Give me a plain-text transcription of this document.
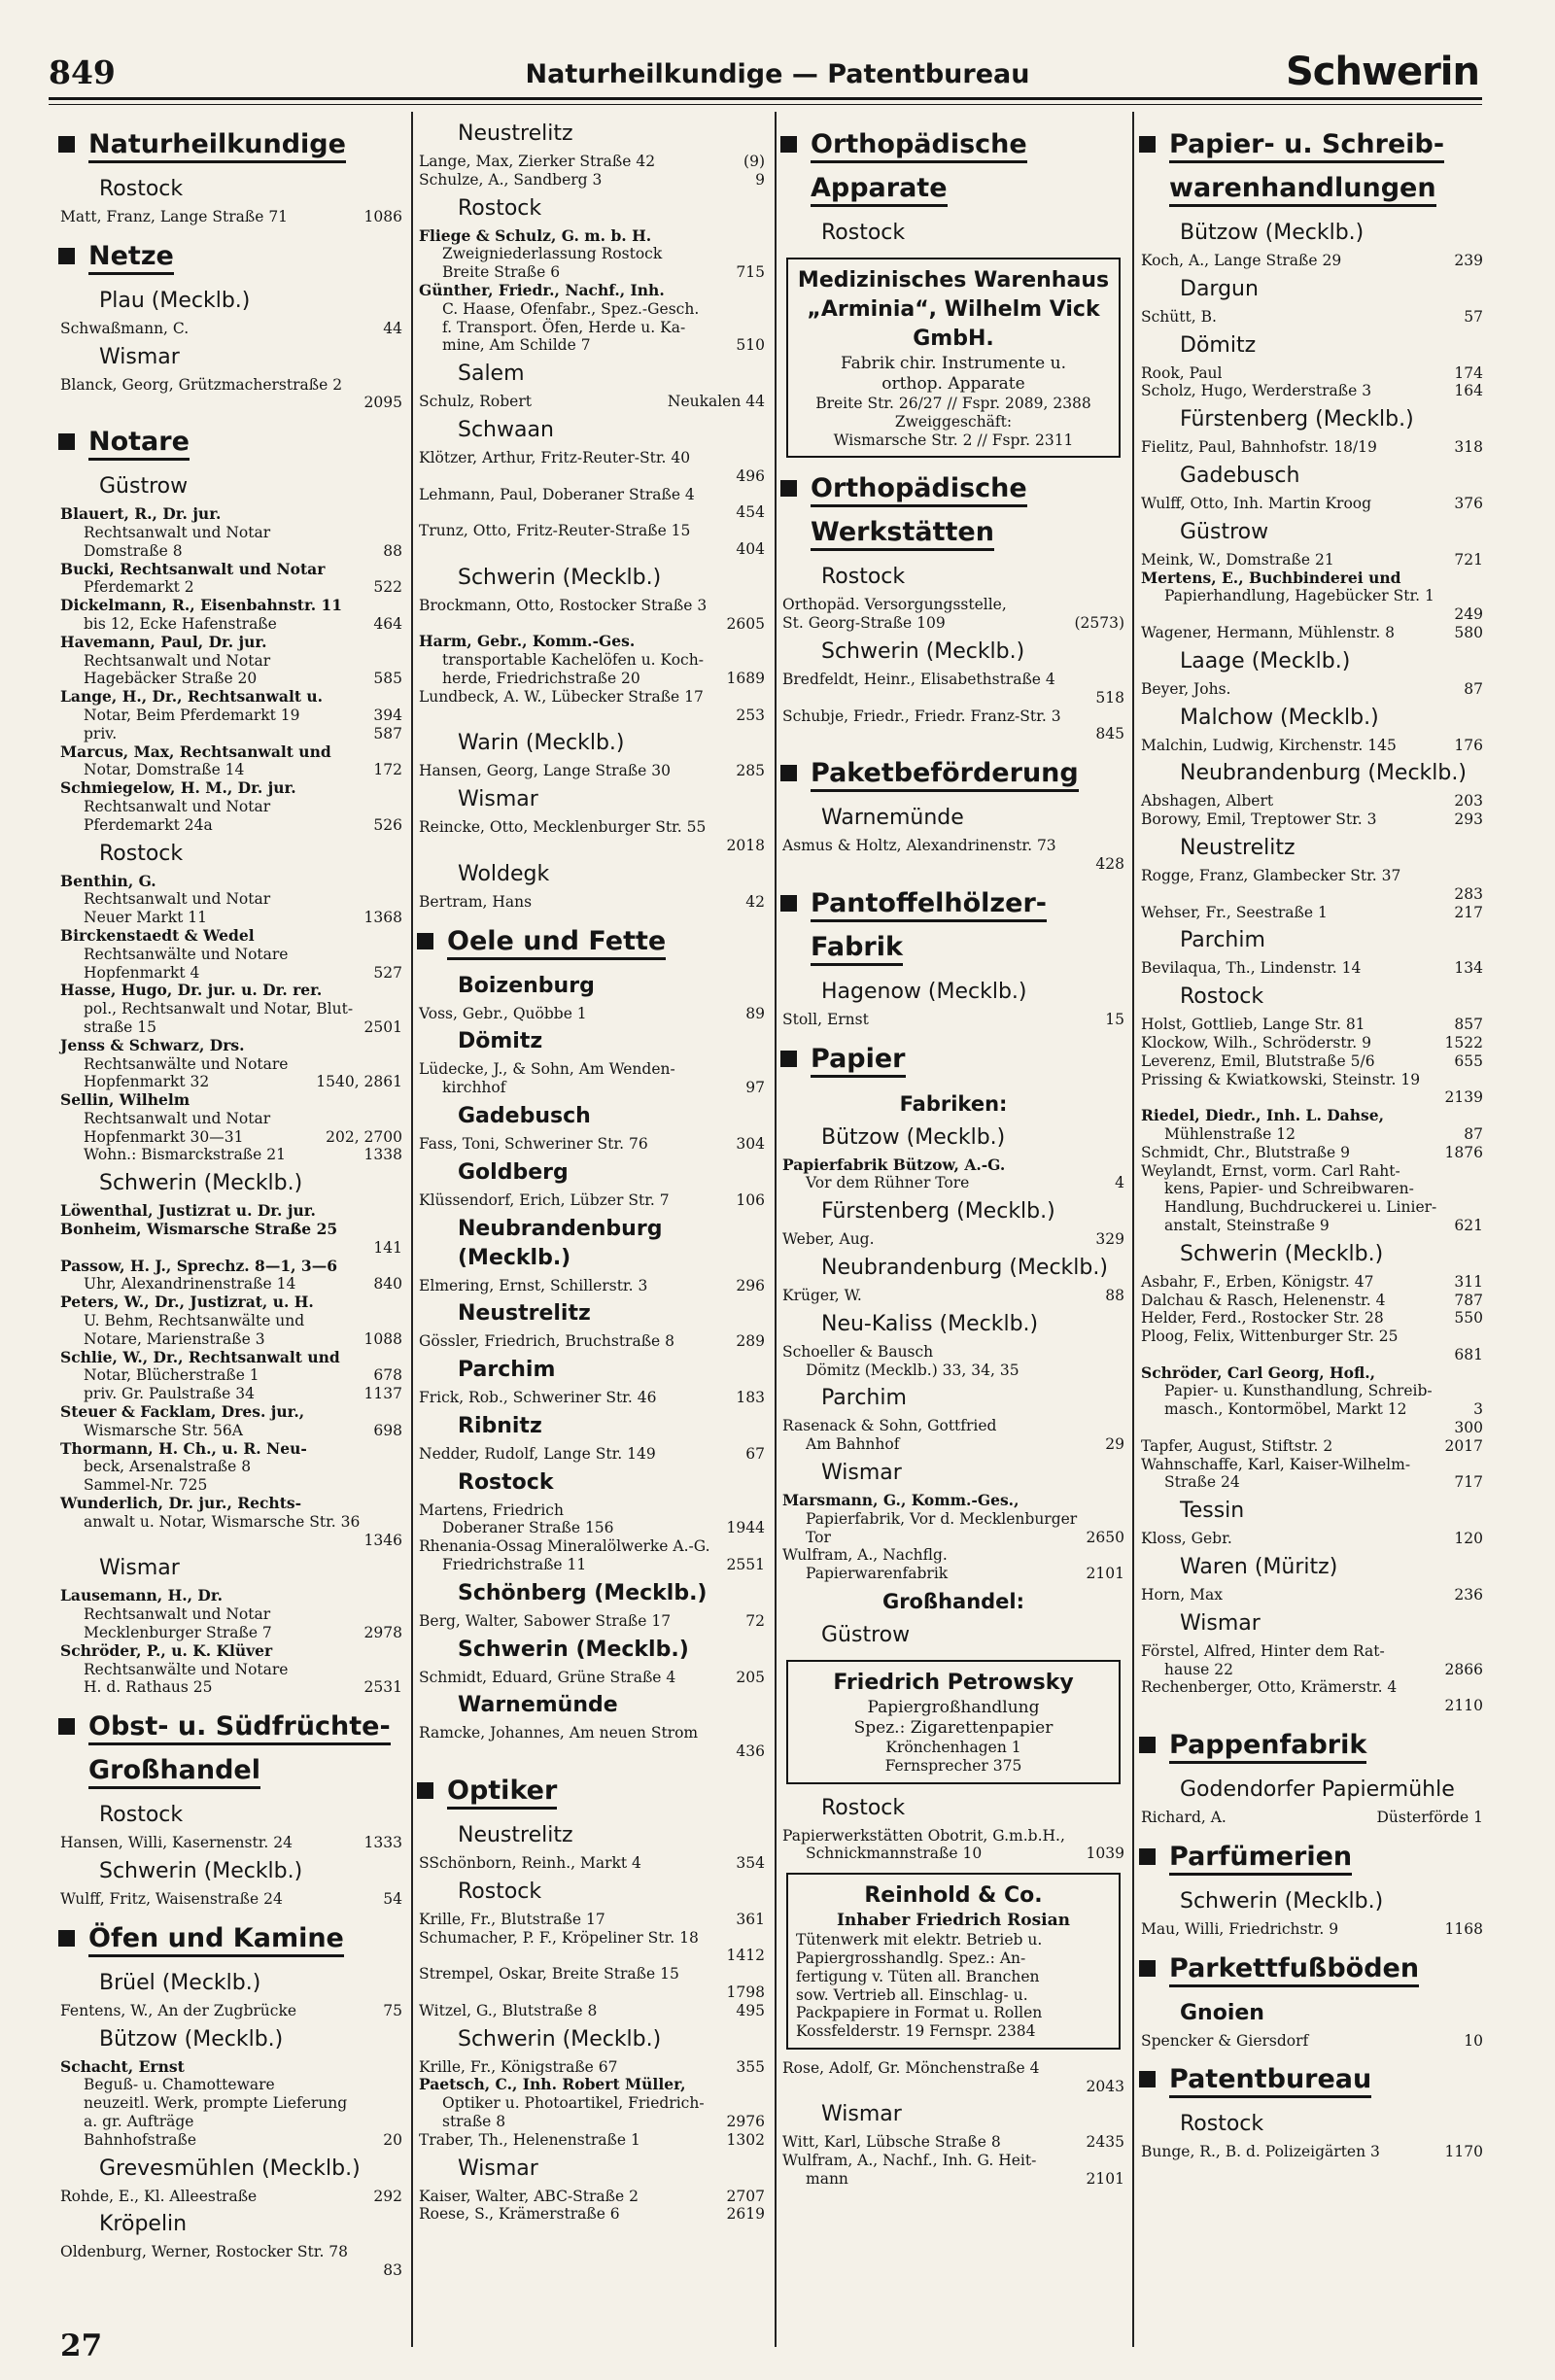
849	Naturheilkundige — Patentbureau	Schwerin
Naturheilkundige
Rostock
Matt, Franz, Lange Straße 71	1086
Netze
Plau (Mecklb.)
Schwaßmann, C.	44
Wismar
Blanck, Georg, Grützmacherstraße 2
2095
Notare
Güstrow
Blauert, R., Dr. jur.
Rechtsanwalt und Notar
Domstraße 8	88
Bucki, Rechtsanwalt und Notar
Pferdemarkt 2	522
Dickelmann, R., Eisenbahnstr. 11
bis 12, Ecke Hafenstraße	464
Havemann, Paul, Dr. jur.
Rechtsanwalt und Notar
Hagebäcker Straße 20	585
Lange, H., Dr., Rechtsanwalt u.
Notar, Beim Pferdemarkt 19	394
priv.	587
Marcus, Max, Rechtsanwalt und
Notar, Domstraße 14	172
Schmiegelow, H. M., Dr. jur.
Rechtsanwalt und Notar
Pferdemarkt 24a	526
Rostock
Benthin, G.
Rechtsanwalt und Notar
Neuer Markt 11	1368
Birckenstaedt & Wedel
Rechtsanwälte und Notare
Hopfenmarkt 4	527
Hasse, Hugo, Dr. jur. u. Dr. rer.
pol., Rechtsanwalt und Notar, Blut-
straße 15	2501
Jenss & Schwarz, Drs.
Rechtsanwälte und Notare
Hopfenmarkt 32	1540, 2861
Sellin, Wilhelm
Rechtsanwalt und Notar
Hopfenmarkt 30—31	202, 2700
Wohn.: Bismarckstraße 21	1338
Schwerin (Mecklb.)
Löwenthal, Justizrat u. Dr. jur.
Bonheim, Wismarsche Straße 25
141
Passow, H. J., Sprechz. 8—1, 3—6
Uhr, Alexandrinenstraße 14	840
Peters, W., Dr., Justizrat, u. H.
U. Behm, Rechtsanwälte und
Notare, Marienstraße 3	1088
Schlie, W., Dr., Rechtsanwalt und
Notar, Blücherstraße 1	678
priv. Gr. Paulstraße 34	1137
Steuer & Facklam, Dres. jur.,
Wismarsche Str. 56A	698
Thormann, H. Ch., u. R. Neu-
beck, Arsenalstraße 8
Sammel-Nr. 725
Wunderlich, Dr. jur., Rechts-
anwalt u. Notar, Wismarsche Str. 36
1346
Wismar
Lausemann, H., Dr.
Rechtsanwalt und Notar
Mecklenburger Straße 7	2978
Schröder, P., u. K. Klüver
Rechtsanwälte und Notare
H. d. Rathaus 25	2531
Obst- u. Südfrüchte-
Großhandel
Rostock
Hansen, Willi, Kasernenstr. 24	1333
Schwerin (Mecklb.)
Wulff, Fritz, Waisenstraße 24	54
Öfen und Kamine
Brüel (Mecklb.)
Fentens, W., An der Zugbrücke	75
Bützow (Mecklb.)
Schacht, Ernst
Beguß- u. Chamotteware
neuzeitl. Werk, prompte Lieferung
a. gr. Aufträge
Bahnhofstraße	20
Grevesmühlen (Mecklb.)
Rohde, E., Kl. Alleestraße	292
Kröpelin
Oldenburg, Werner, Rostocker Str. 78
83
Neustrelitz
Lange, Max, Zierker Straße 42	(9)
Schulze, A., Sandberg 3	9
Rostock
Fliege & Schulz, G. m. b. H.
Zweigniederlassung Rostock
Breite Straße 6	715
Günther, Friedr., Nachf., Inh.
C. Haase, Ofenfabr., Spez.-Gesch.
f. Transport. Öfen, Herde u. Ka-
mine, Am Schilde 7	510
Salem
Schulz, Robert	Neukalen 44
Schwaan
Klötzer, Arthur, Fritz-Reuter-Str. 40
496
Lehmann, Paul, Doberaner Straße 4
454
Trunz, Otto, Fritz-Reuter-Straße 15
404
Schwerin (Mecklb.)
Brockmann, Otto, Rostocker Straße 3
2605
Harm, Gebr., Komm.-Ges.
transportable Kachelöfen u. Koch-
herde, Friedrichstraße 20	1689
Lundbeck, A. W., Lübecker Straße 17
253
Warin (Mecklb.)
Hansen, Georg, Lange Straße 30	285
Wismar
Reincke, Otto, Mecklenburger Str. 55
2018
Woldegk
Bertram, Hans	42
Oele und Fette
Boizenburg
Voss, Gebr., Quöbbe 1	89
Dömitz
Lüdecke, J., & Sohn, Am Wenden-
kirchhof	97
Gadebusch
Fass, Toni, Schweriner Str. 76	304
Goldberg
Klüssendorf, Erich, Lübzer Str. 7	106
Neubrandenburg (Mecklb.)
Elmering, Ernst, Schillerstr. 3	296
Neustrelitz
Gössler, Friedrich, Bruchstraße 8	289
Parchim
Frick, Rob., Schweriner Str. 46	183
Ribnitz
Nedder, Rudolf, Lange Str. 149	67
Rostock
Martens, Friedrich
Doberaner Straße 156	1944
Rhenania-Ossag Mineralölwerke A.-G.
Friedrichstraße 11	2551
Schönberg (Mecklb.)
Berg, Walter, Sabower Straße 17	72
Schwerin (Mecklb.)
Schmidt, Eduard, Grüne Straße 4	205
Warnemünde
Ramcke, Johannes, Am neuen Strom
436
Optiker
Neustrelitz
SSchönborn, Reinh., Markt 4	354
Rostock
Krille, Fr., Blutstraße 17	361
Schumacher, P. F., Kröpeliner Str. 18
1412
Strempel, Oskar, Breite Straße 15
1798
Witzel, G., Blutstraße 8	495
Schwerin (Mecklb.)
Krille, Fr., Königstraße 67	355
Paetsch, C., Inh. Robert Müller,
Optiker u. Photoartikel, Friedrich-
straße 8	2976
Traber, Th., Helenenstraße 1	1302
Wismar
Kaiser, Walter, ABC-Straße 2	2707
Roese, S., Krämerstraße 6	2619
Orthopädische
Apparate
Rostock
Medizinisches Warenhaus
„Arminia“, Wilhelm Vick GmbH.
Fabrik chir. Instrumente u.
orthop. Apparate
Breite Str. 26/27 // Fspr. 2089, 2388
Zweiggeschäft:
Wismarsche Str. 2 // Fspr. 2311
Orthopädische
Werkstätten
Rostock
Orthopäd. Versorgungsstelle,
St. Georg-Straße 109	(2573)
Schwerin (Mecklb.)
Bredfeldt, Heinr., Elisabethstraße 4
518
Schubje, Friedr., Friedr. Franz-Str. 3
845
Paketbeförderung
Warnemünde
Asmus & Holtz, Alexandrinenstr. 73
428
Pantoffelhölzer-
Fabrik
Hagenow (Mecklb.)
Stoll, Ernst	15
Papier
Fabriken:
Bützow (Mecklb.)
Papierfabrik Bützow, A.-G.
Vor dem Rühner Tore	4
Fürstenberg (Mecklb.)
Weber, Aug.	329
Neubrandenburg (Mecklb.)
Krüger, W.	88
Neu-Kaliss (Mecklb.)
Schoeller & Bausch
Dömitz (Mecklb.) 33, 34, 35
Parchim
Rasenack & Sohn, Gottfried
Am Bahnhof	29
Wismar
Marsmann, G., Komm.-Ges.,
Papierfabrik, Vor d. Mecklenburger
Tor	2650
Wulfram, A., Nachflg.
Papierwarenfabrik	2101
Großhandel:
Güstrow
Friedrich Petrowsky
Papiergroßhandlung
Spez.: Zigarettenpapier
Krönchenhagen 1
Fernsprecher 375
Rostock
Papierwerkstätten Obotrit, G.m.b.H.,
Schnickmannstraße 10	1039
Reinhold & Co.
Inhaber Friedrich Rosian
Tütenwerk mit elektr. Betrieb u.
Papiergrosshandlg. Spez.: An-
fertigung v. Tüten all. Branchen
sow. Vertrieb all. Einschlag- u.
Packpapiere in Format u. Rollen
Kossfelderstr. 19 Fernspr. 2384
Rose, Adolf, Gr. Mönchenstraße 4
2043
Wismar
Witt, Karl, Lübsche Straße 8	2435
Wulfram, A., Nachf., Inh. G. Heit-
mann	2101
Papier- u. Schreib-
warenhandlungen
Bützow (Mecklb.)
Koch, A., Lange Straße 29	239
Dargun
Schütt, B.	57
Dömitz
Rook, Paul	174
Scholz, Hugo, Werderstraße 3	164
Fürstenberg (Mecklb.)
Fielitz, Paul, Bahnhofstr. 18/19	318
Gadebusch
Wulff, Otto, Inh. Martin Kroog	376
Güstrow
Meink, W., Domstraße 21	721
Mertens, E., Buchbinderei und
Papierhandlung, Hagebücker Str. 1
249
Wagener, Hermann, Mühlenstr. 8	580
Laage (Mecklb.)
Beyer, Johs.	87
Malchow (Mecklb.)
Malchin, Ludwig, Kirchenstr. 145	176
Neubrandenburg (Mecklb.)
Abshagen, Albert	203
Borowy, Emil, Treptower Str. 3	293
Neustrelitz
Rogge, Franz, Glambecker Str. 37
283
Wehser, Fr., Seestraße 1	217
Parchim
Bevilaqua, Th., Lindenstr. 14	134
Rostock
Holst, Gottlieb, Lange Str. 81	857
Klockow, Wilh., Schröderstr. 9	1522
Leverenz, Emil, Blutstraße 5/6	655
Prissing & Kwiatkowski, Steinstr. 19
2139
Riedel, Diedr., Inh. L. Dahse,
Mühlenstraße 12	87
Schmidt, Chr., Blutstraße 9	1876
Weylandt, Ernst, vorm. Carl Raht-
kens, Papier- und Schreibwaren-
Handlung, Buchdruckerei u. Linier-
anstalt, Steinstraße 9	621
Schwerin (Mecklb.)
Asbahr, F., Erben, Königstr. 47	311
Dalchau & Rasch, Helenenstr. 4	787
Helder, Ferd., Rostocker Str. 28	550
Ploog, Felix, Wittenburger Str. 25
681
Schröder, Carl Georg, Hofl.,
Papier- u. Kunsthandlung, Schreib-
masch., Kontormöbel, Markt 12	3
300
Tapfer, August, Stiftstr. 2	2017
Wahnschaffe, Karl, Kaiser-Wilhelm-
Straße 24	717
Tessin
Kloss, Gebr.	120
Waren (Müritz)
Horn, Max	236
Wismar
Förstel, Alfred, Hinter dem Rat-
hause 22	2866
Rechenberger, Otto, Krämerstr. 4
2110
Pappenfabrik
Godendorfer Papiermühle
Richard, A.	Düsterförde 1
Parfümerien
Schwerin (Mecklb.)
Mau, Willi, Friedrichstr. 9	1168
Parkettfußböden
Gnoien
Spencker & Giersdorf	10
Patentbureau
Rostock
Bunge, R., B. d. Polizeigärten 3	1170
27
